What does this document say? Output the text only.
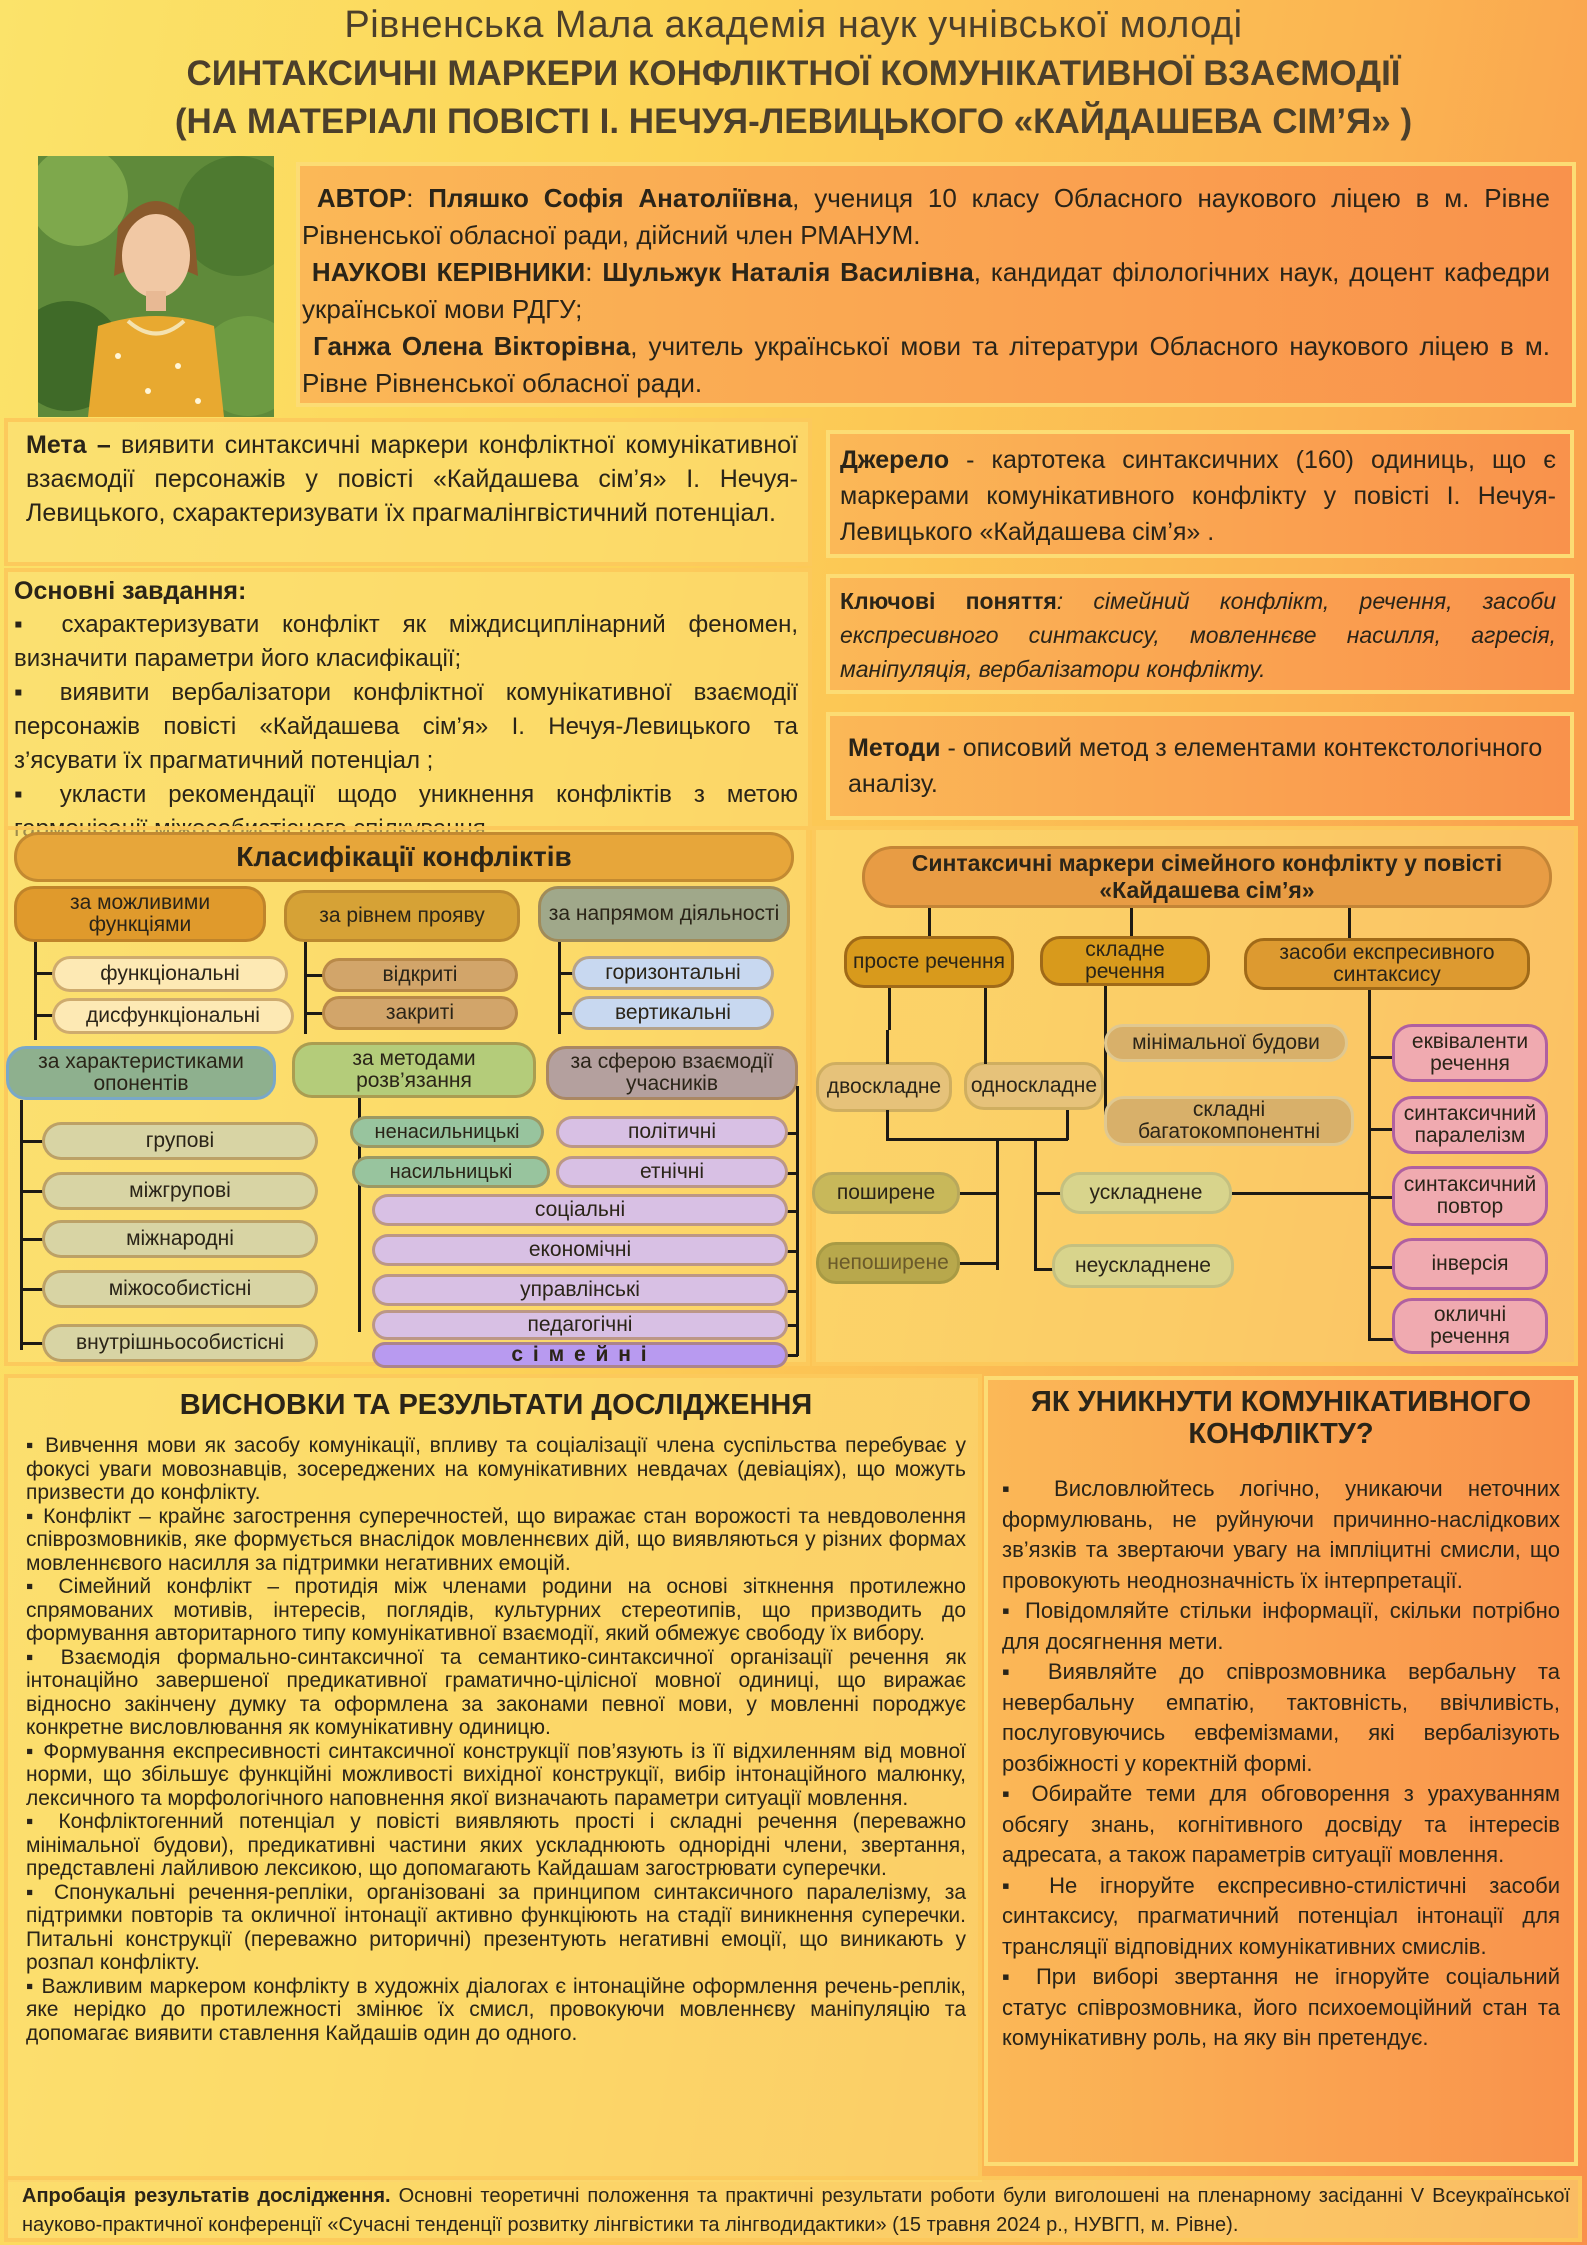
Рівненська Мала академія наук учнівської молоді
СИНТАКСИЧНІ МАРКЕРИ КОНФЛІКТНОЇ КОМУНІКАТИВНОЇ ВЗАЄМОДІЇ
(НА МАТЕРІАЛІ ПОВІСТІ І. НЕЧУЯ-ЛЕВИЦЬКОГО «КАЙДАШЕВА СІМ’Я» )
АВТОР: Пляшко Софія Анатоліївна, учениця 10 класу Обласного наукового ліцею в м. Рівне Рівненської обласної ради, дійсний член РМАНУМ.
НАУКОВІ КЕРІВНИКИ: Шульжук Наталія Василівна, кандидат філологічних наук, доцент кафедри української мови РДГУ;
Ганжа Олена Вікторівна, учитель української мови та літератури Обласного наукового ліцею в м. Рівне Рівненської обласної ради.
Мета – виявити синтаксичні маркери конфліктної комунікативної взаємодії персонажів у повісті «Кайдашева сім’я» І. Нечуя-Левицького, схарактеризувати їх прагмалінгвістичний потенціал.
Джерело - картотека синтаксичних (160) одиниць, що є маркерами комунікативного конфлікту у повісті І. Нечуя-Левицького «Кайдашева сім’я» .
Основні завдання:
▪ схарактеризувати конфлікт як міждисциплінарний феномен, визначити параметри його класифікації;
▪ виявити вербалізатори конфліктної комунікативної взаємодії персонажів повісті «Кайдашева сім’я» І. Нечуя-Левицького та з’ясувати їх прагматичний потенціал ;
▪ укласти рекомендації щодо уникнення конфліктів з метою
Ключові поняття: сімейний конфлікт, речення, засоби експресивного синтаксису, мовленнєве насилля, агресія, маніпуляція, вербалізатори конфлікту.
Методи - описовий метод з елементами контекстологічного аналізу.
Класифікації конфліктів
за можливими функціями
функціональні
дисфункціональні
за рівнем прояву
відкриті
закриті
за напрямом діяльності
горизонтальні
вертикальні
за характеристиками опонентів
групові
міжгрупові
міжнародні
міжособистісні
внутрішньособистісні
за методами розв’язання
ненасильницькі
насильницькі
за сферою взаємодії учасників
політичні
етнічні
соціальні
економічні
управлінські
педагогічні
с і м е й н і
Синтаксичні маркери сімейного конфлікту у повісті «Кайдашева сім’я»
просте речення
складне речення
засоби експресивного синтаксису
двоскладне	односкладне
мінімальної будови
складні багатокомпонентні
поширене
непоширене
ускладнене
неускладнене
еквіваленти речення
синтаксичний паралелізм
синтаксичний повтор
інверсія
окличні речення
ВИСНОВКИ ТА РЕЗУЛЬТАТИ ДОСЛІДЖЕННЯ
▪ Вивчення мови як засобу комунікації, впливу та соціалізації члена суспільства перебуває у фокусі уваги мовознавців, зосереджених на комунікативних невдачах (девіаціях), що можуть призвести до конфлікту.
▪ Конфлікт – крайнє загострення суперечностей, що виражає стан ворожості та невдоволення співрозмовників, яке формується внаслідок мовленнєвих дій, що виявляються у різних формах мовленнєвого насилля за підтримки негативних емоцій.
▪ Сімейний конфлікт – протидія між членами родини на основі зіткнення протилежно спрямованих мотивів, інтересів, поглядів, культурних стереотипів, що призводить до формування авторитарного типу комунікативної взаємодії, який обмежує свободу їх вибору.
▪ Взаємодія формально-синтаксичної та семантико-синтаксичної організації речення як інтонаційно завершеної предикативної граматично-цілісної мовної одиниці, що виражає відносно закінчену думку та оформлена за законами певної мови, у мовленні породжує конкретне висловлювання як комунікативну одиницю.
▪ Формування експресивності синтаксичної конструкції пов’язують із її відхиленням від мовної норми, що збільшує функційні можливості вихідної конструкції, вибір інтонаційного малюнку, лексичного та морфологічного наповнення якої визначають параметри ситуації мовлення.
▪ Конфліктогенний потенціал у повісті виявляють прості і складні речення (переважно мінімальної будови), предикативні частини яких ускладнюють однорідні члени, звертання, представлені лайливою лексикою, що допомагають Кайдашам загострювати суперечки.
▪ Спонукальні речення-репліки, організовані за принципом синтаксичного паралелізму, за підтримки повторів та окличної інтонації активно функціюють на стадії виникнення суперечки. Питальні конструкції (переважно риторичні) презентують негативні емоції, що виникають у розпал конфлікту.
▪ Важливим маркером конфлікту в художніх діалогах є інтонаційне оформлення речень-реплік, яке нерідко до протилежності змінює їх смисл, провокуючи мовленнєву маніпуляцію та допомагає виявити ставлення Кайдашів один до одного.
ЯК УНИКНУТИ КОМУНІКАТИВНОГО КОНФЛІКТУ?
▪ Висловлюйтесь логічно, уникаючи неточних формулювань, не руйнуючи причинно-наслідкових зв’язків та звертаючи увагу на імпліцитні смисли, що провокують неоднозначність їх інтерпретації.
▪ Повідомляйте стільки інформації, скільки потрібно для досягнення мети.
▪ Виявляйте до співрозмовника вербальну та невербальну емпатію, тактовність, ввічливість, послуговуючись евфемізмами, які вербалізують розбіжності у коректній формі.
▪ Обирайте теми для обговорення з урахуванням обсягу знань, когнітивного досвіду та інтересів адресата, а також параметрів ситуації мовлення.
▪ Не ігноруйте експресивно-стилістичні засоби синтаксису, прагматичний потенціал інтонації для трансляції відповідних комунікативних смислів.
▪ При виборі звертання не ігноруйте соціальний статус співрозмовника, його психоемоційний стан та комунікативну роль, на яку він претендує.
Апробація результатів дослідження. Основні теоретичні положення та практичні результати роботи були виголошені на пленарному засіданні V Всеукраїнської науково-практичної конференції «Сучасні тенденції розвитку лінгвістики та лінгводидактики» (15 травня 2024 р., НУВГП, м. Рівне).
